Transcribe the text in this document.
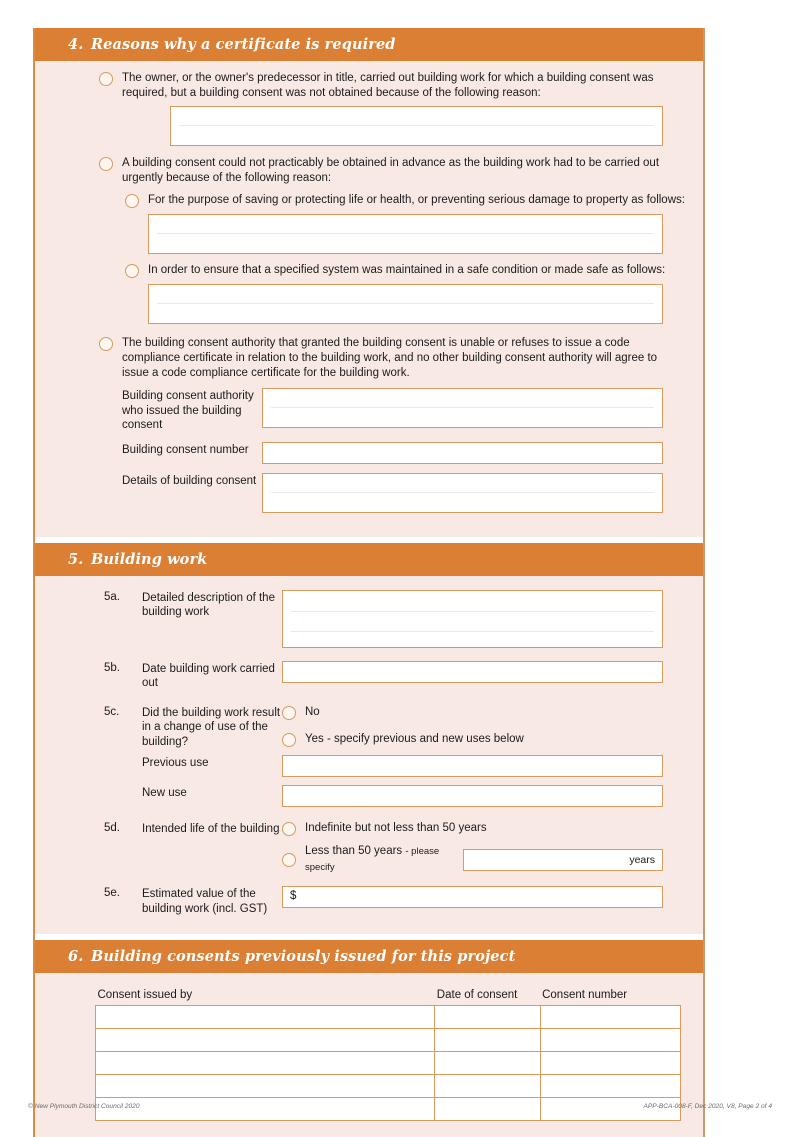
4. Reasons why a certificate is required
The owner, or the owner's predecessor in title, carried out building work for which a building consent was required, but a building consent was not obtained because of the following reason:
A building consent could not practicably be obtained in advance as the building work had to be carried out urgently because of the following reason:
For the purpose of saving or protecting life or health, or preventing serious damage to property as follows:
In order to ensure that a specified system was maintained in a safe condition or made safe as follows:
The building consent authority that granted the building consent is unable or refuses to issue a code compliance certificate in relation to the building work, and no other building consent authority will agree to issue a code compliance certificate for the building work.
Building consent authority who issued the building consent
Building consent number
Details of building consent
5. Building work
5a.	Detailed description of the building work
5b.	Date building work carried out
5c.	Did the building work result in a change of use of the building?
No
Yes - specify previous and new uses below
Previous use
New use
5d.	Intended life of the building Indefinite but not less than 50 years
Less than 50 years - please specify
years
5e.	Estimated value of the building work (incl. GST)
$
6. Building consents previously issued for this project
Consent issued by	Date of consent	Consent number

© New Plymouth District Council 2020	APP-BCA-008-F, Dec 2020, V8, Page 2 of 4
